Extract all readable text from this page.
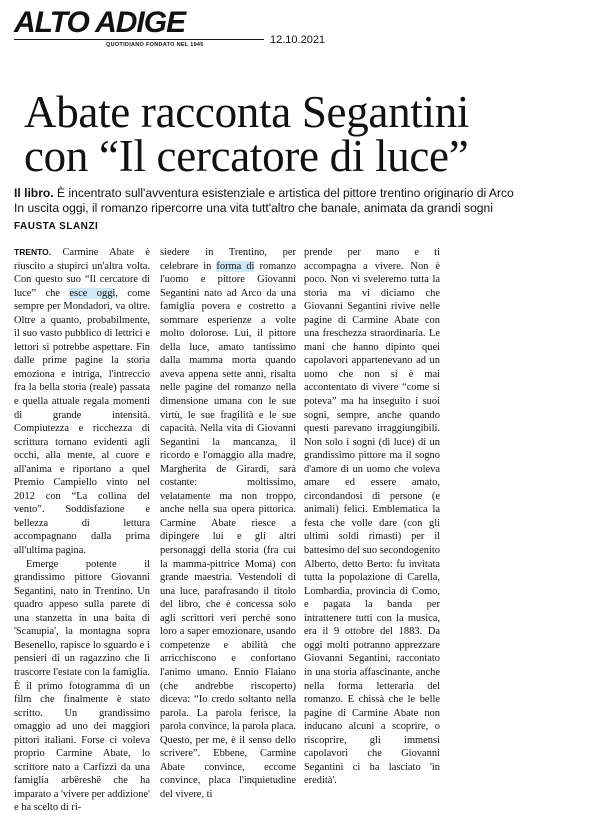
ALTO ADIGE
QUOTIDIANO FONDATO NEL 1945	12.10.2021
Abate racconta Segantini
con “Il cercatore di luce”
Il libro. È incentrato sull'avventura esistenziale e artistica del pittore trentino originario di Arco
In uscita oggi, il romanzo ripercorre una vita tutt'altro che banale, animata da grandi sogni
FAUSTA SLANZI

TRENTO. Carmine Abate è riuscito a stupirci un'altra volta. Con questo suo “Il cercatore di luce” che esce oggi, come sempre per Mondadori, va oltre. Oltre a quanto, probabilmente, il suo vasto pubblico di lettrici e lettori si potrebbe aspettare. Fin dalle prime pagine la storia emoziona e intriga, l'intreccio fra la bella storia (reale) passata e quella attuale regala momenti di grande intensità. Compiutezza e ricchezza di scrittura tornano evidenti agli occhi, alla mente, al cuore e all'anima e riportano a quel Premio Campiello vinto nel 2012 con “La collina del vento”. Soddisfazione e bellezza di lettura accompagnano dalla prima all'ultima pagina.

Emerge potente il grandissimo pittore Giovanni Segantini, nato in Trentino. Un quadro appeso sulla parete di una stanzetta in una baita di 'Scanupia', la montagna sopra Besenello, rapisce lo sguardo e i pensieri di un ragazzino che lì trascorre l'estate con la famiglia. È il primo fotogramma di un film che finalmente è stato scritto. Un grandissimo omaggio ad uno dei maggiori pittori italiani. Forse ci voleva proprio Carmine Abate, lo scrittore nato a Carfizzi da una famiglia arbëreshë che ha imparato a 'vivere per addizione' e ha scelto di ri-

siedere in Trentino, per celebrare in forma di romanzo l'uomo e pittore Giovanni Segantini nato ad Arco da una famiglia povera e costretto a sommare esperienze a volte molto dolorose. Lui, il pittore della luce, amato tantissimo dalla mamma morta quando aveva appena sette anni, risalta nelle pagine del romanzo nella dimensione umana con le sue virtù, le sue fragilità e le sue capacità. Nella vita di Giovanni Segantini la mancanza, il ricordo e l'omaggio alla madre, Margherita de Girardi, sarà costante: moltissimo, velatamente ma non troppo, anche nella sua opera pittorica. Carmine Abate riesce a dipingere lui e gli altri personaggi della storia (fra cui la mamma-pittrice Moma) con grande maestria. Vestendoli di una luce, parafrasando il titolo del libro, che è concessa solo agli scrittori veri perché sono loro a saper emozionare, usando competenze e abilità che arricchiscono e confortano l'animo umano. Ennio Flaiano (che andrebbe riscoperto) diceva: “Io credo soltanto nella parola. La parola ferisce, la parola convince, la parola placa. Questo, per me, è il senso dello scrivere”. Ebbene, Carmine Abate convince, eccome convince, placa l'inquietudine del vivere, ti

prende per mano e ti accompagna a vivere. Non è poco. Non vi sveleremo tutta la storia ma vi diciamo che Giovanni Segantini rivive nelle pagine di Carmine Abate con una freschezza straordinaria. Le mani che hanno dipinto quei capolavori appartenevano ad un uomo che non si è mai accontentato di vivere “come si poteva” ma ha inseguito i suoi sogni, sempre, anche quando questi parevano irraggiungibili. Non solo i sogni (di luce) di un grandissimo pittore ma il sogno d'amore di un uomo che voleva amare ed essere amato, circondandosi di persone (e animali) felici. Emblematica la festa che volle dare (con gli ultimi soldi rimasti) per il battesimo del suo secondogenito Alberto, detto Berto: fu invitata tutta la popolazione di Carella, Lombardia, provincia di Como, e pagata la banda per intrattenere tutti con la musica, era il 9 ottobre del 1883. Da oggi molti potranno apprezzare Giovanni Segantini, raccontato in una storia affascinante, anche nella forma letteraria del romanzo. E chissà che le belle pagine di Carmine Abate non inducano alcuni a scoprire, o riscoprire, gli immensi capolavori che Giovanni Segantini ci ha lasciato 'in eredità'.
